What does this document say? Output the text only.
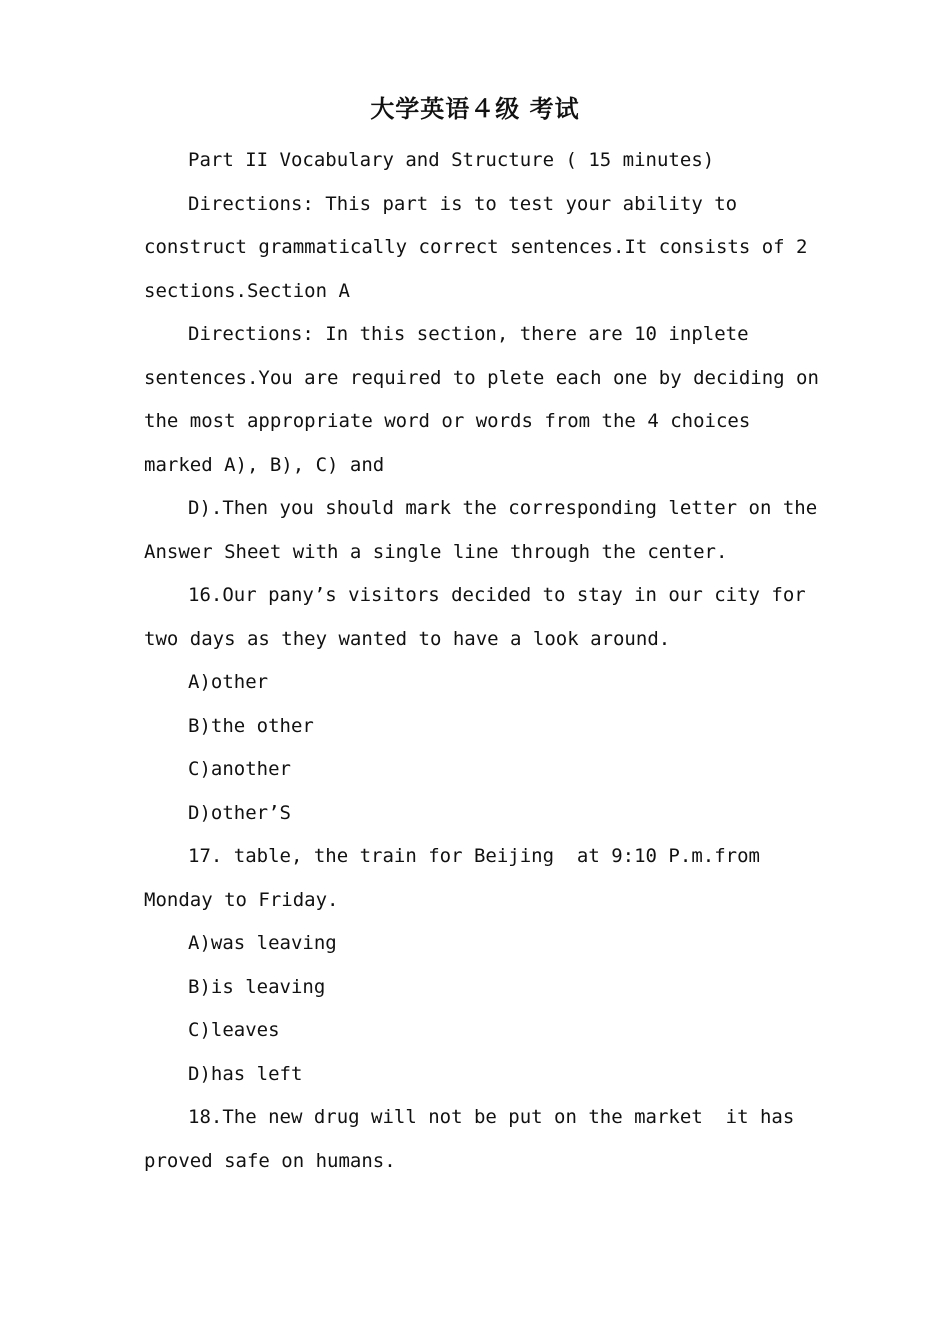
大学英语４级 考试
Part II Vocabulary and Structure ( 15 minutes)
Directions: This part is to test your ability to
construct grammatically correct sentences.It consists of 2
sections.Section A
Directions: In this section, there are 10 inplete
sentences.You are required to plete each one by deciding on
the most appropriate word or words from the 4 choices
marked A), B), C) and
D).Then you should mark the corresponding letter on the
Answer Sheet with a single line through the center.
16.Our pany’s visitors decided to stay in our city for
two days as they wanted to have a look around.
A)other
B)the other
C)another
D)other’S
17. table, the train for Beijing  at 9:10 P.m.from
Monday to Friday.
A)was leaving
B)is leaving
C)leaves
D)has left
18.The new drug will not be put on the market  it has
proved safe on humans.
